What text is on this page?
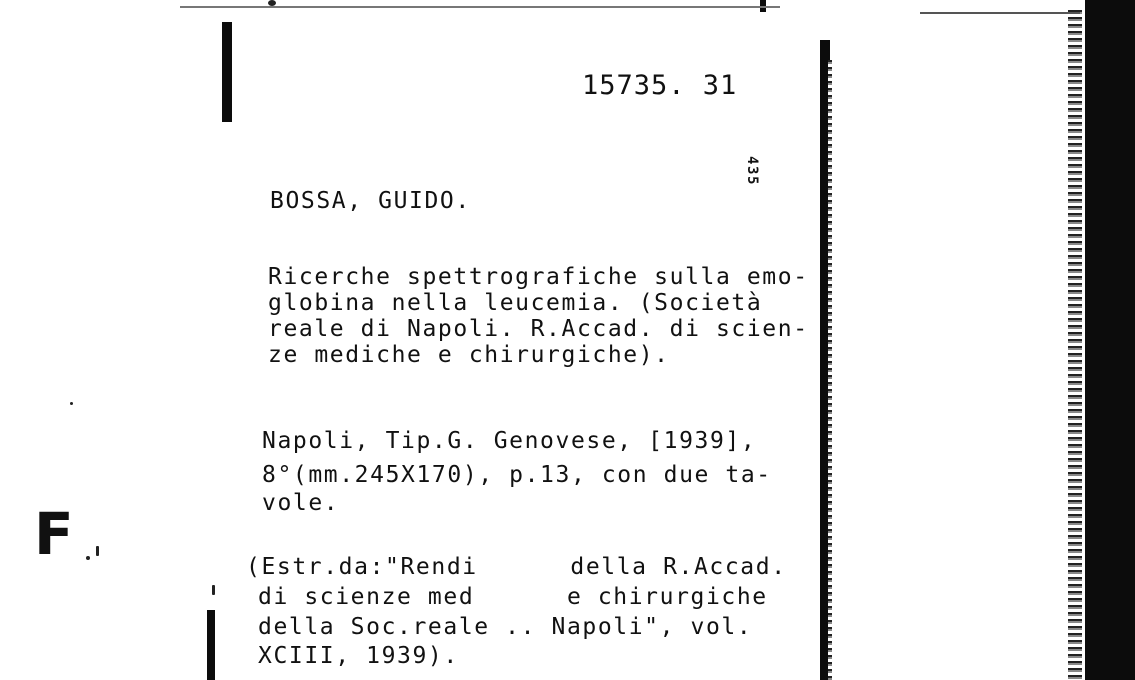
15735. 31
435
BOSSA, GUIDO.
Ricerche spettrografiche sulla emo-
globina nella leucemia. (Società
reale di Napoli. R.Accad. di scien-
ze mediche e chirurgiche).
Napoli, Tip.G. Genovese, [1939],
8°(mm.245X170), p.13, con due ta-
vole.
(Estr.da:"Rendi      della R.Accad.
di scienze med      e chirurgiche
della Soc.reale .. Napoli", vol.
XCIII, 1939).
F
